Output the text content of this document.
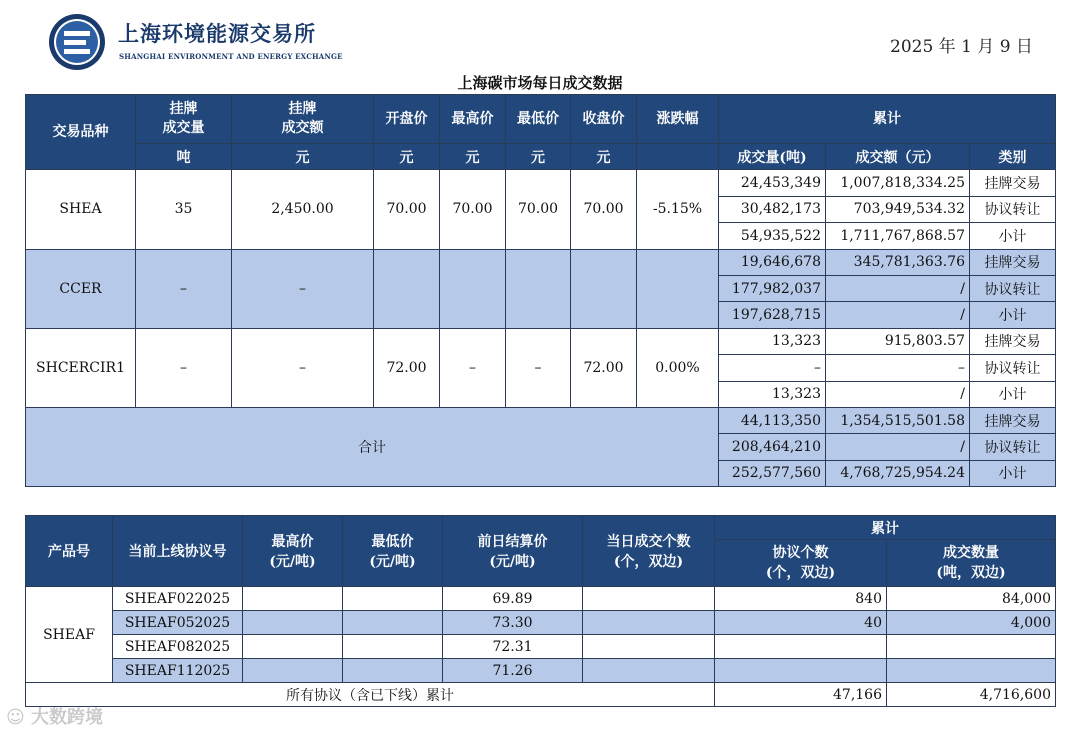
上海环境能源交易所
SHANGHAI ENVIRONMENT AND ENERGY EXCHANGE	2025 年 1 月 9 日
上海碳市场每日成交数据
交易品种	挂牌
成交量	挂牌
成交额	开盘价	最高价	最低价	收盘价	涨跌幅	累计		
	吨	元	元	元	元	元		成交量(吨)	成交额（元）	类别
SHEA	35	2,450.00	70.00	70.00	70.00	70.00	-5.15%	24,453,349	1,007,818,334.25	挂牌交易
								30,482,173	703,949,534.32	协议转让
								54,935,522	1,711,767,868.57	小计
CCER	–	–						19,646,678	345,781,363.76	挂牌交易
								177,982,037	/	协议转让
								197,628,715	/	小计
SHCERCIR1	–	–	72.00	–	–	72.00	0.00%	13,323	915,803.57	挂牌交易
								–	–	协议转让
								13,323	/	小计
合计								44,113,350	1,354,515,501.58	挂牌交易
								208,464,210	/	协议转让
								252,577,560	4,768,725,954.24	小计
产品号	当前上线协议号	最高价
(元/吨)	最低价
(元/吨)	前日结算价
(元/吨)	当日成交个数
(个，双边)	累计	
						协议个数
(个，双边)	成交数量
(吨，双边)
SHEAF	SHEAF022025			69.89		840	84,000
	SHEAF052025			73.30		40	4,000
	SHEAF082025			72.31			
	SHEAF112025			71.26			
所有协议（含已下线）累计						47,166	4,716,600
☺ 大数跨境
